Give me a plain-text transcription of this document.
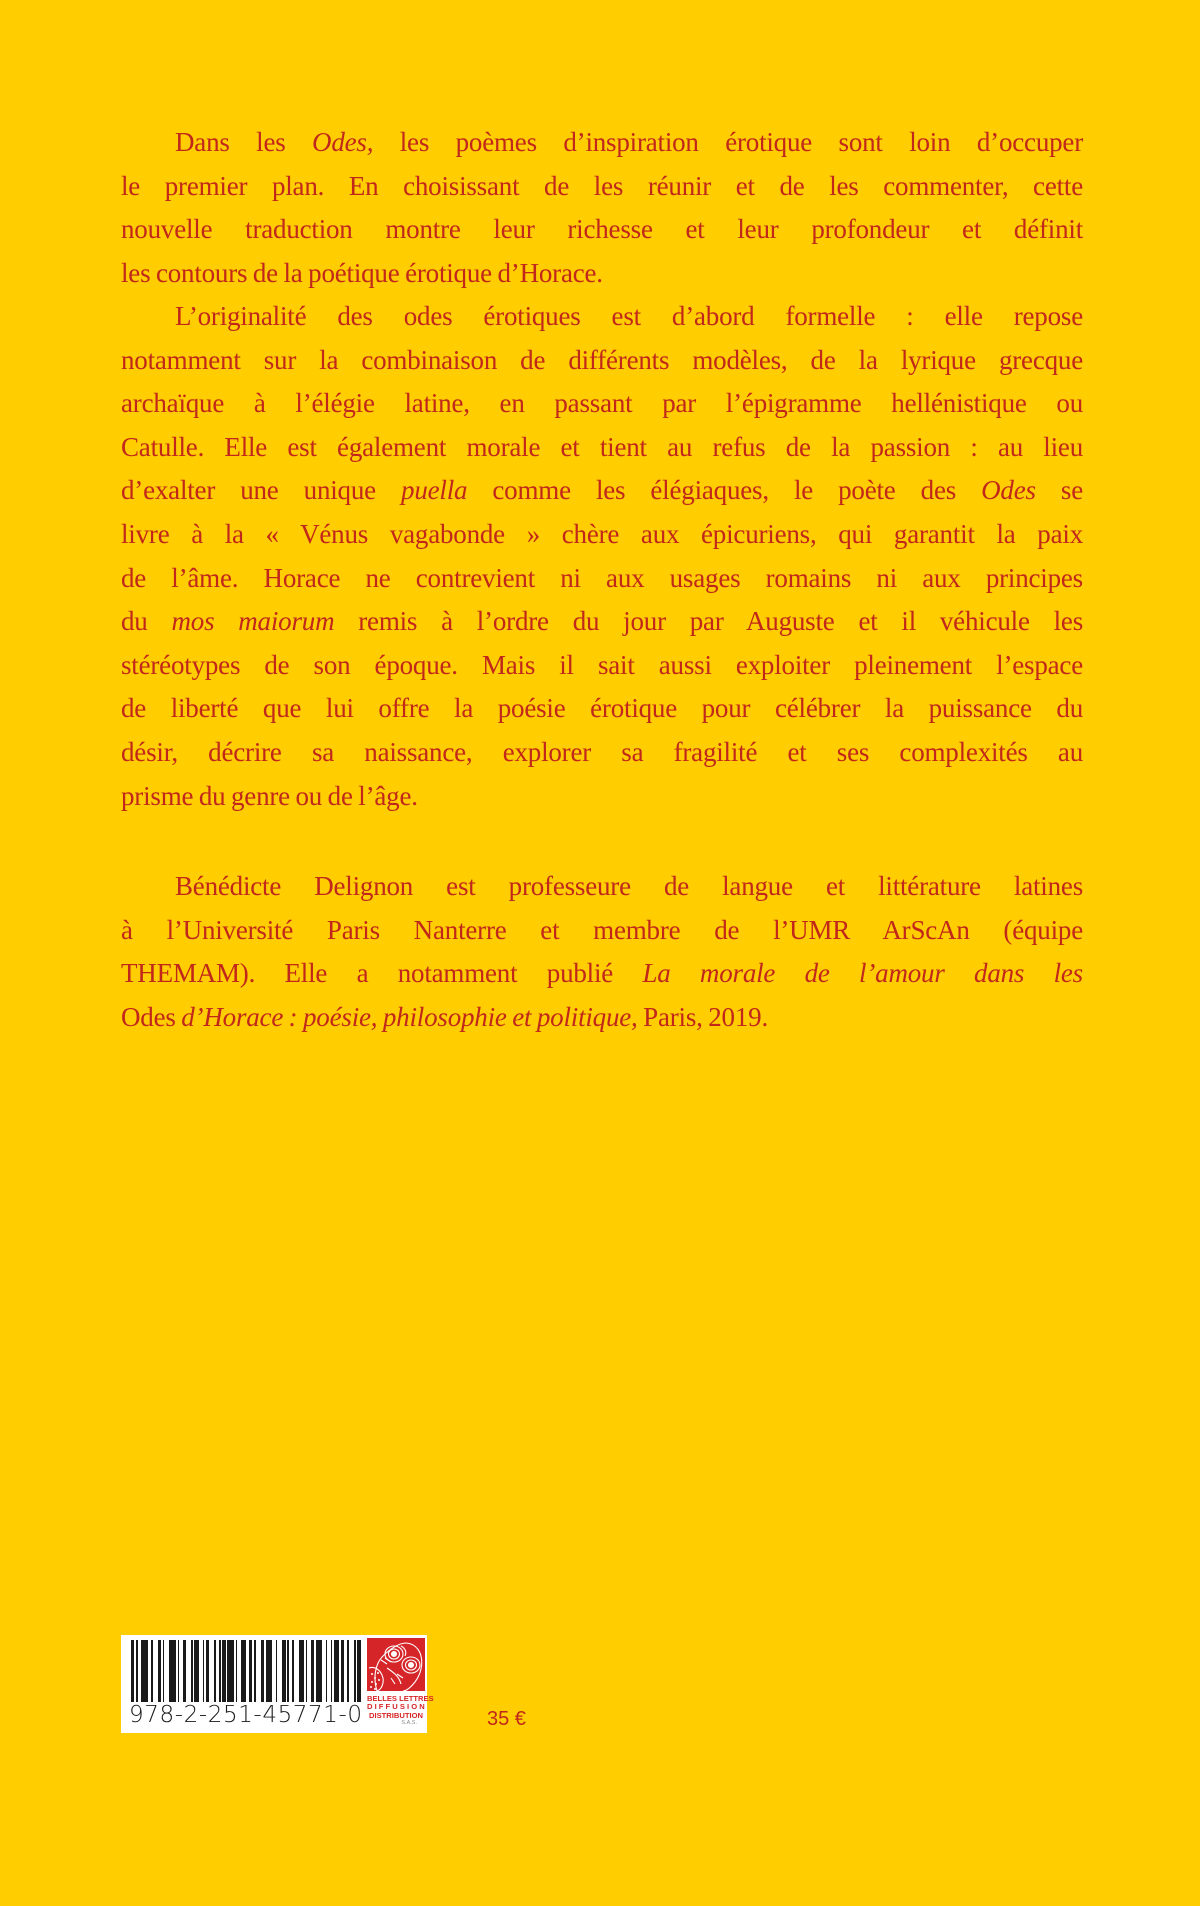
Dans les Odes, les poèmes d’inspiration érotique sont loin d’occuper
le premier plan. En choisissant de les réunir et de les commenter, cette
nouvelle traduction montre leur richesse et leur profondeur et définit
les contours de la poétique érotique d’Horace.
L’originalité des odes érotiques est d’abord formelle : elle repose
notamment sur la combinaison de différents modèles, de la lyrique grecque
archaïque à l’élégie latine, en passant par l’épigramme hellénistique ou
Catulle. Elle est également morale et tient au refus de la passion : au lieu
d’exalter une unique puella comme les élégiaques, le poète des Odes se
livre à la « Vénus vagabonde » chère aux épicuriens, qui garantit la paix
de l’âme. Horace ne contrevient ni aux usages romains ni aux principes
du mos maiorum remis à l’ordre du jour par Auguste et il véhicule les
stéréotypes de son époque. Mais il sait aussi exploiter pleinement l’espace
de liberté que lui offre la poésie érotique pour célébrer la puissance du
désir, décrire sa naissance, explorer sa fragilité et ses complexités au
prisme du genre ou de l’âge.
Bénédicte Delignon est professeure de langue et littérature latines
à l’Université Paris Nanterre et membre de l’UMR ArScAn (équipe
THEMAM). Elle a notamment publié La morale de l’amour dans les
Odes d’Horace : poésie, philosophie et politique, Paris, 2019.
978-2-251-45771-0
BELLES LETTRES
DIFFUSION
DISTRIBUTION
S.A.S.	35 €
